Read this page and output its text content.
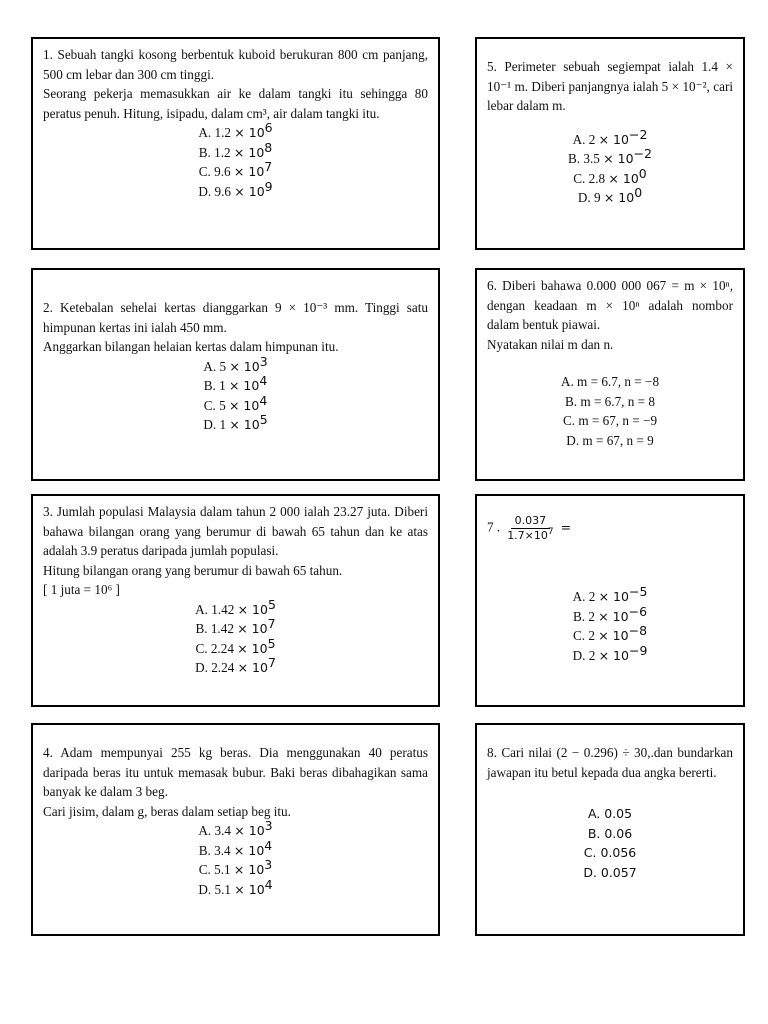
1. Sebuah tangki kosong berbentuk kuboid berukuran 800 cm panjang, 500 cm lebar dan 300 cm tinggi.

Seorang pekerja memasukkan air ke dalam tangki itu sehingga 80 peratus penuh. Hitung, isipadu, dalam cm³, air dalam tangki itu.

A. $1.2 \times 10^6$
B. $1.2 \times 10^8$
C. $9.6 \times 10^7$
D. $9.6 \times 10^9$

5. Perimeter sebuah segiempat ialah 1.4 × 10⁻¹ m. Diberi panjangnya ialah 5 × 10⁻², cari lebar dalam m.

A. $2 \times 10^{-2}$
B. $3.5 \times 10^{-2}$
C. $2.8 \times 10^0$
D. $9 \times 10^0$

2. Ketebalan sehelai kertas dianggarkan 9 × 10⁻³ mm. Tinggi satu himpunan kertas ini ialah 450 mm.

Anggarkan bilangan helaian kertas dalam himpunan itu.

A. $5 \times 10^3$
B. $1 \times 10^4$
C. $5 \times 10^4$
D. $1 \times 10^5$

6. Diberi bahawa 0.000 000 067 = m × 10ⁿ, dengan keadaan m × 10ⁿ adalah nombor dalam bentuk piawai.

Nyatakan nilai m dan n.

A. m = 6.7, n = −8
B. m = 6.7, n = 8
C. m = 67, n = −9
D. m = 67, n = 9

3. Jumlah populasi Malaysia dalam tahun 2 000 ialah 23.27 juta. Diberi bahawa bilangan orang yang berumur di bawah 65 tahun dan ke atas adalah 3.9 peratus daripada jumlah populasi.

Hitung bilangan orang yang berumur di bawah 65 tahun.

[ 1 juta = 10⁶ ]

A. $1.42 \times 10^5$
B. $1.42 \times 10^7$
C. $2.24 \times 10^5$
D. $2.24 \times 10^7$
7 . $\frac{0.037}{1.7\times 10^7}$ =
A. $2 \times 10^{-5}$
B. $2 \times 10^{-6}$
C. $2 \times 10^{-8}$
D. $2 \times 10^{-9}$

4. Adam mempunyai 255 kg beras. Dia menggunakan 40 peratus daripada beras itu untuk memasak bubur. Baki beras dibahagikan sama banyak ke dalam 3 beg.

Cari jisim, dalam g, beras dalam setiap beg itu.

A. $3.4 \times 10^3$
B. $3.4 \times 10^4$
C. $5.1 \times 10^3$
D. $5.1 \times 10^4$

8. Cari nilai (2 − 0.296) ÷ 30,.dan bundarkan jawapan itu betul kepada dua angka bererti.

A. 0.05
B. 0.06
C. 0.056
D. 0.057
